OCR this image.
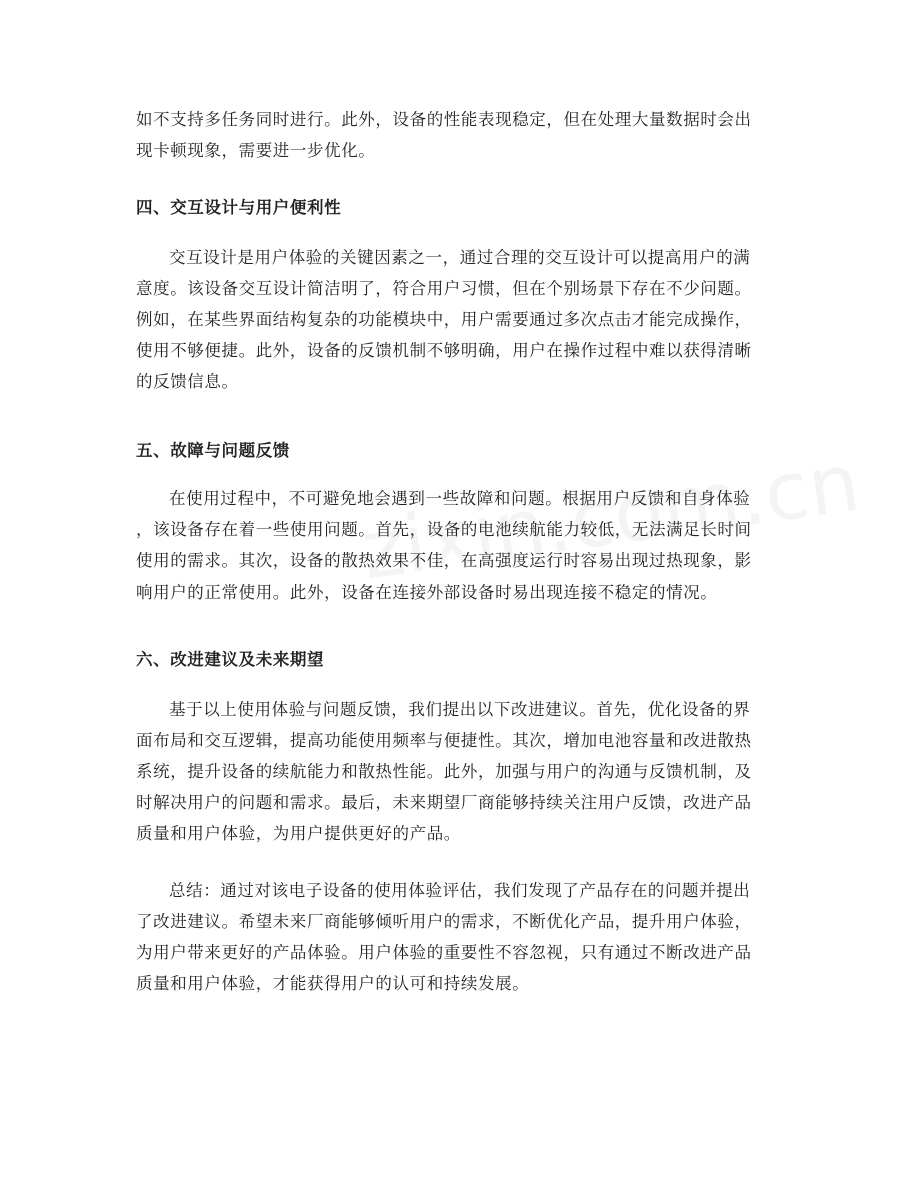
如不支持多任务同时进行。此外，设备的性能表现稳定，但在处理大量数据时会出
现卡顿现象，需要进一步优化。
四、交互设计与用户便利性
交互设计是用户体验的关键因素之一，通过合理的交互设计可以提高用户的满
意度。该设备交互设计简洁明了，符合用户习惯，但在个别场景下存在不少问题。
例如，在某些界面结构复杂的功能模块中，用户需要通过多次点击才能完成操作，
使用不够便捷。此外，设备的反馈机制不够明确，用户在操作过程中难以获得清晰
的反馈信息。
五、故障与问题反馈
在使用过程中，不可避免地会遇到一些故障和问题。根据用户反馈和自身体验
，该设备存在着一些使用问题。首先，设备的电池续航能力较低，无法满足长时间
使用的需求。其次，设备的散热效果不佳，在高强度运行时容易出现过热现象，影
响用户的正常使用。此外，设备在连接外部设备时易出现连接不稳定的情况。
六、改进建议及未来期望
基于以上使用体验与问题反馈，我们提出以下改进建议。首先，优化设备的界
面布局和交互逻辑，提高功能使用频率与便捷性。其次，增加电池容量和改进散热
系统，提升设备的续航能力和散热性能。此外，加强与用户的沟通与反馈机制，及
时解决用户的问题和需求。最后，未来期望厂商能够持续关注用户反馈，改进产品
质量和用户体验，为用户提供更好的产品。
总结：通过对该电子设备的使用体验评估，我们发现了产品存在的问题并提出
了改进建议。希望未来厂商能够倾听用户的需求，不断优化产品，提升用户体验，
为用户带来更好的产品体验。用户体验的重要性不容忽视，只有通过不断改进产品
质量和用户体验，才能获得用户的认可和持续发展。
